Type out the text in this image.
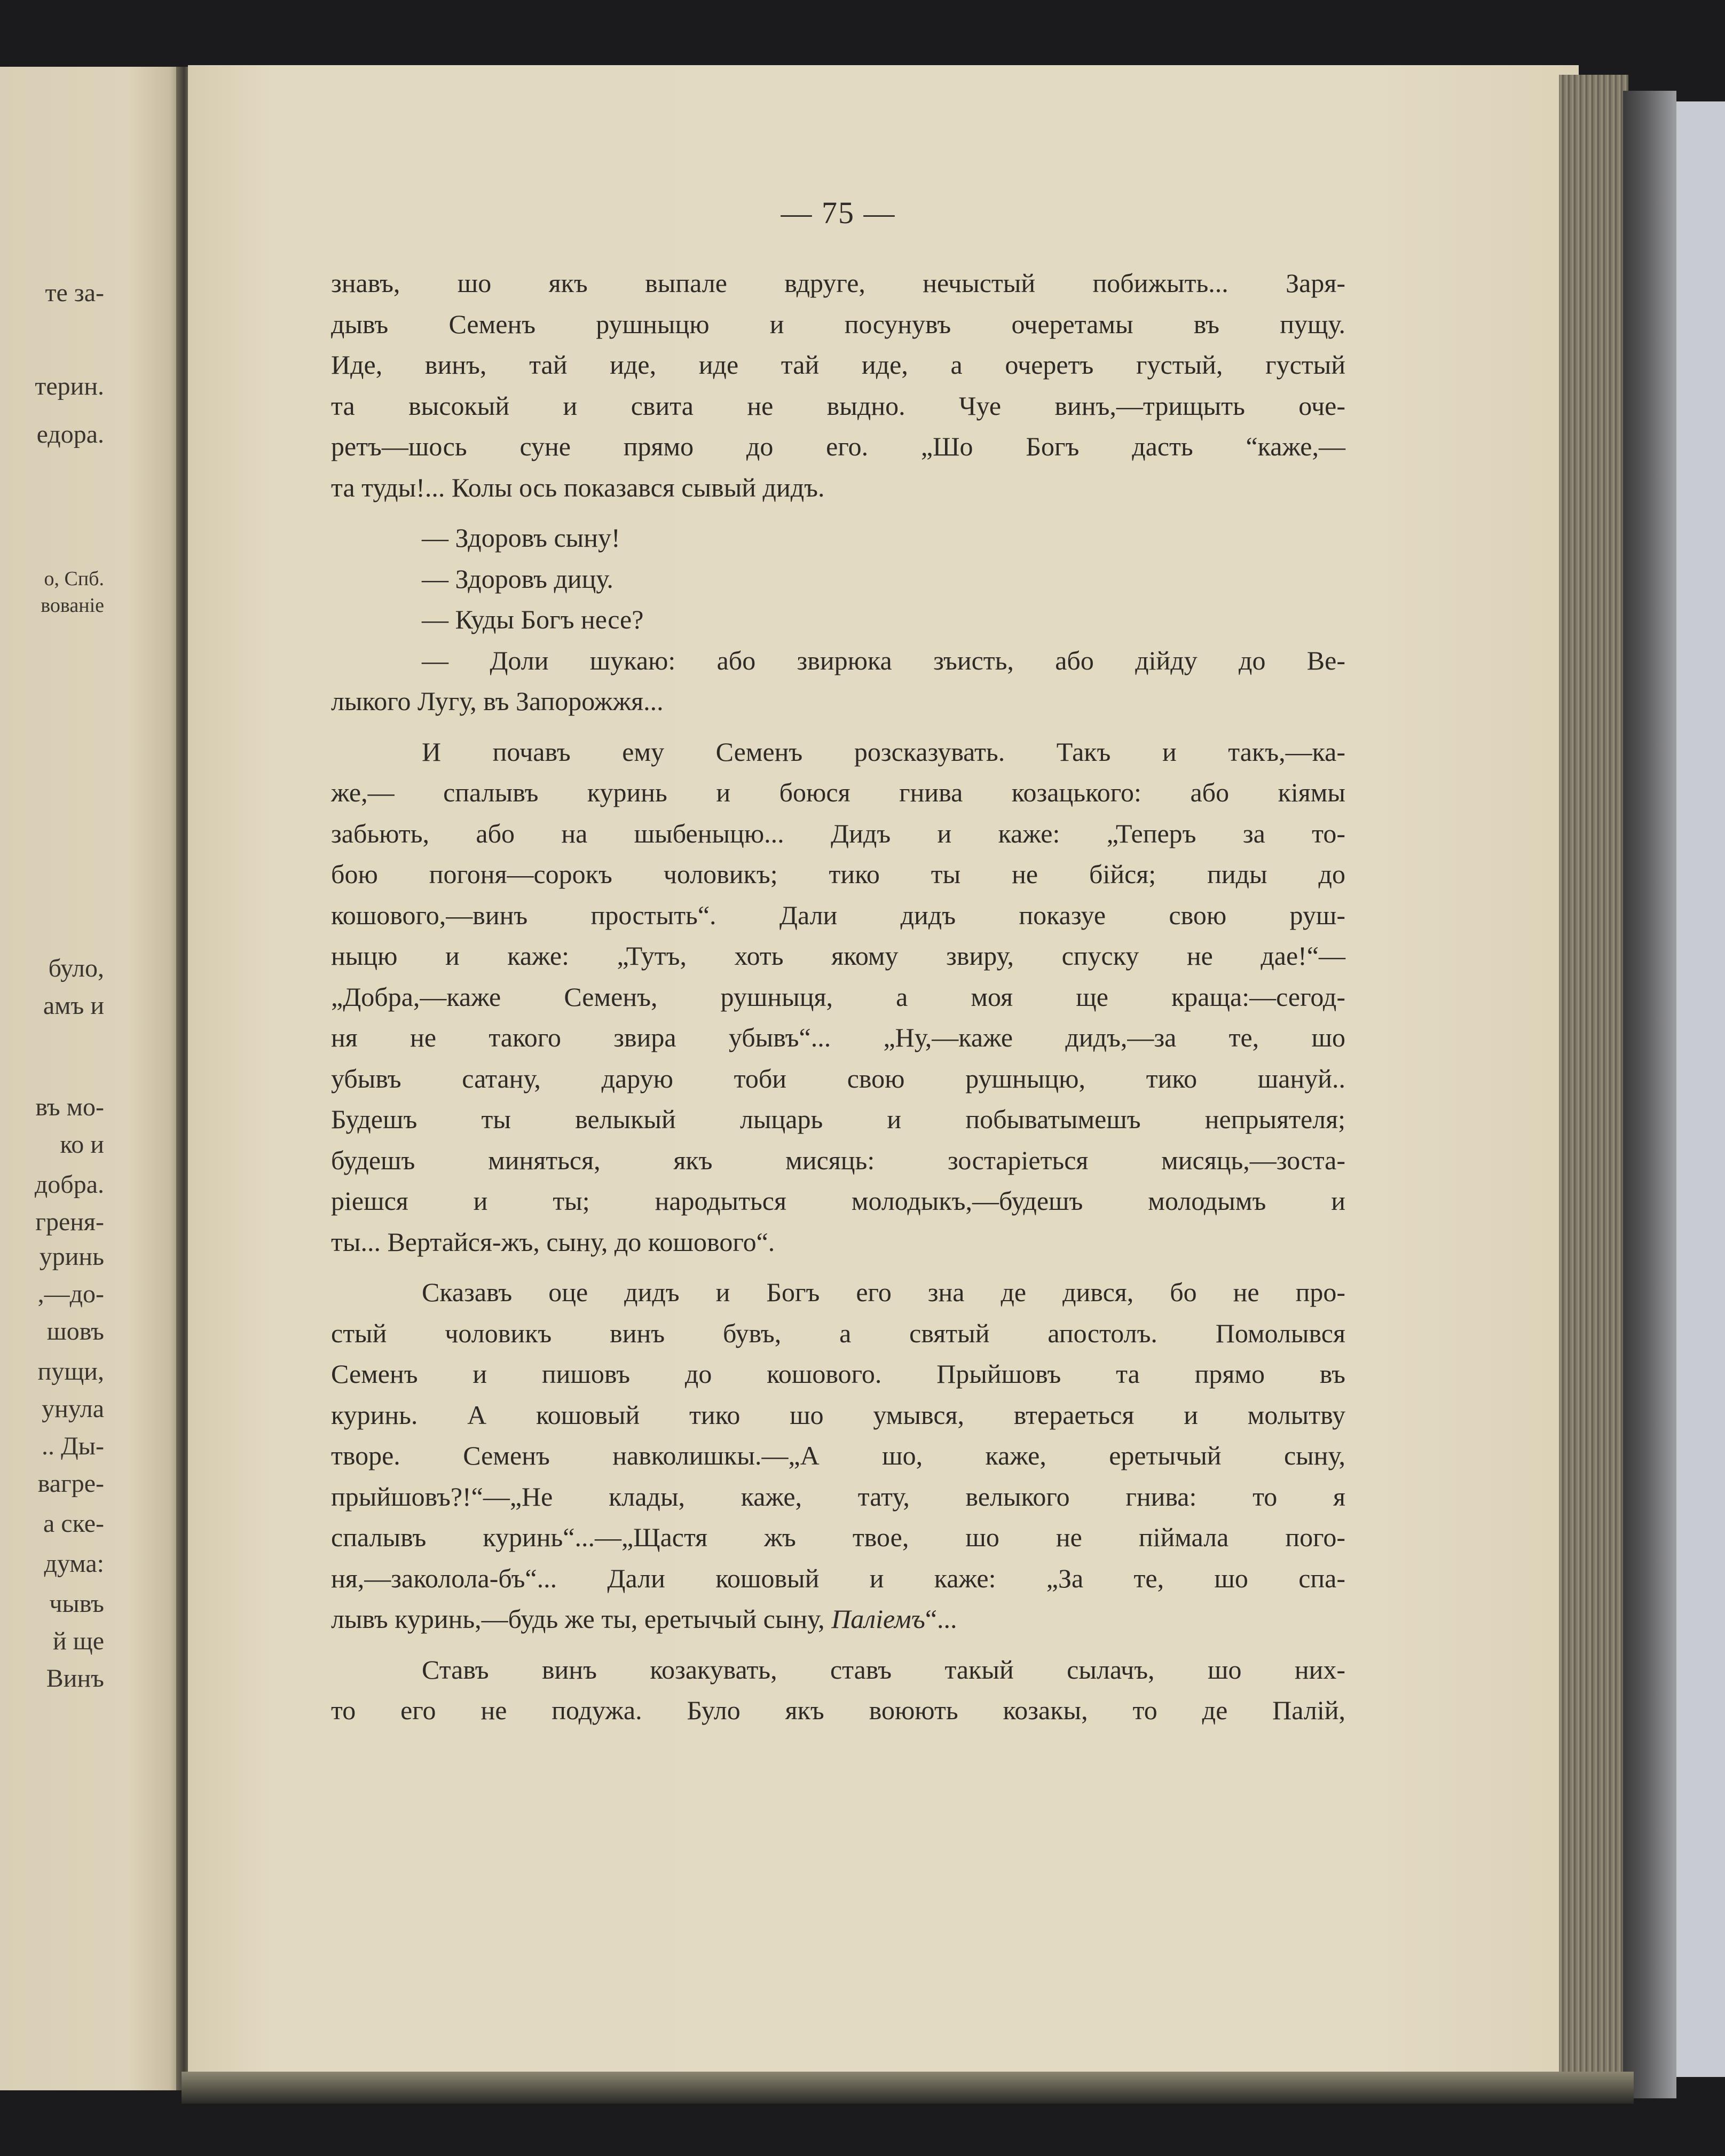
те за-
терин.
едора.
о, Спб.
вованіе
було,
амъ и
въ мо-
ко и
добра.
греня-
уринь
,—до-
шовъ
пущи,
унула
.. Ды-
вагре-
а ске-
дума:
чывъ
й ще
Винъ
— 75 —
знавъ, шо якъ выпале вдруге, нечыстый побижыть... Заря-
дывъ Семенъ рушныцю и посунувъ очеретамы въ пущу.
Иде, винъ, тай иде, иде тай иде, а очеретъ густый, густый
та высокый и свита не выдно. Чуе винъ,—трищыть оче-
ретъ—шось суне прямо до его. „Шо Богъ дасть “каже,—
та туды!... Колы ось показався сывый дидъ.
— Здоровъ сыну!
— Здоровъ дицу.
— Куды Богъ несе?
— Доли шукаю: або звирюка зъисть, або дійду до Ве-
лыкого Лугу, въ Запорожжя...
И почавъ ему Семенъ розсказувать. Такъ и такъ,—ка-
же,— спалывъ куринь и боюся гнива козацького: або кіямы
забьють, або на шыбеныцю... Дидъ и каже: „Теперъ за то-
бою погоня—сорокъ чоловикъ; тико ты не бійся; пиды до
кошового,—винъ простыть“. Дали дидъ показуе свою руш-
ныцю и каже: „Тутъ, хоть якому звиру, спуску не дае!“—
„Добра,—каже Семенъ, рушныця, а моя ще краща:—сегод-
ня не такого звира убывъ“... „Ну,—каже дидъ,—за те, шо
убывъ сатану, дарую тоби свою рушныцю, тико шануй..
Будешъ ты велыкый лыцарь и побыватымешъ непрыятеля;
будешъ миняться, якъ мисяць: зостаріеться мисяць,—зоста-
ріешся и ты; народыться молодыкъ,—будешъ молодымъ и
ты... Вертайся-жъ, сыну, до кошового“.
Сказавъ оце дидъ и Богъ его зна де дився, бо не про-
стый чоловикъ винъ бувъ, а святый апостолъ. Помолывся
Семенъ и пишовъ до кошового. Прыйшовъ та прямо въ
куринь. А кошовый тико шо умывся, втераеться и молытву
творе. Семенъ навколишкы.—„А шо, каже, еретычый сыну,
прыйшовъ?!“—„Не клады, каже, тату, велыкого гнива: то я
спалывъ куринь“...—„Щастя жъ твое, шо не піймала пого-
ня,—заколола-бъ“... Дали кошовый и каже: „За те, шо спа-
лывъ куринь,—будь же ты, еретычый сыну, Паліемъ“...
Ставъ винъ козакувать, ставъ такый сылачъ, шо них-
то его не подужа. Було якъ воюють козакы, то де Палій,
